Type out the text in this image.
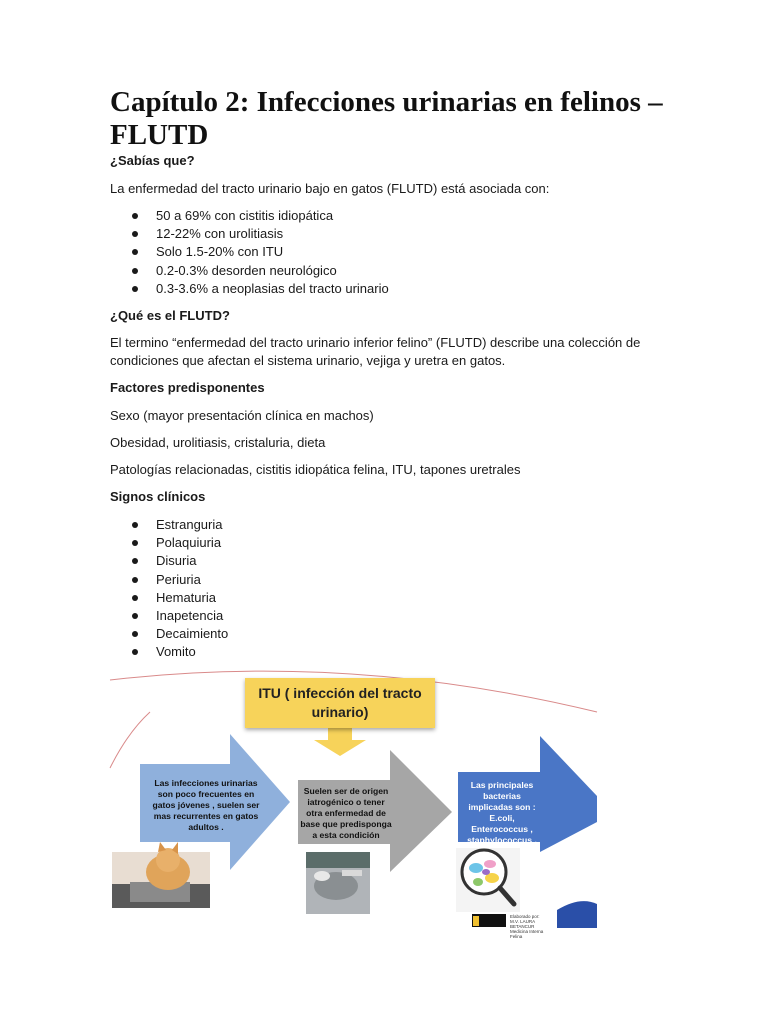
Capítulo 2: Infecciones urinarias en felinos – FLUTD

¿Sabías que?

La enfermedad del tracto urinario bajo en gatos (FLUTD) está asociada con:

50 a 69% con cistitis idiopática
12-22% con urolitiasis
Solo 1.5-20% con ITU
0.2-0.3% desorden neurológico
0.3-3.6% a neoplasias del tracto urinario

¿Qué es el FLUTD?

El termino “enfermedad del tracto urinario inferior felino” (FLUTD) describe una colección de condiciones que afectan el sistema urinario, vejiga y uretra en gatos.

Factores predisponentes

Sexo (mayor presentación clínica en machos)

Obesidad, urolitiasis, cristaluria, dieta

Patologías relacionadas, cistitis idiopática felina, ITU, tapones uretrales

Signos clínicos

Estranguria
Polaquiuria
Disuria
Periuria
Hematuria
Inapetencia
Decaimiento
Vomito
ITU ( infección del tracto urinario)
Las infecciones urinarias son poco frecuentes en gatos jóvenes , suelen ser mas recurrentes en gatos adultos .
Suelen ser de origen iatrogénico o tener otra enfermedad de base que predisponga a esta condición
Las principales bacterias implicadas son : E.coli, Enterococcus , staphylococcus .
Elaborado por:
M.V. LAURA BETANCUR
Medicina Interna Felina
